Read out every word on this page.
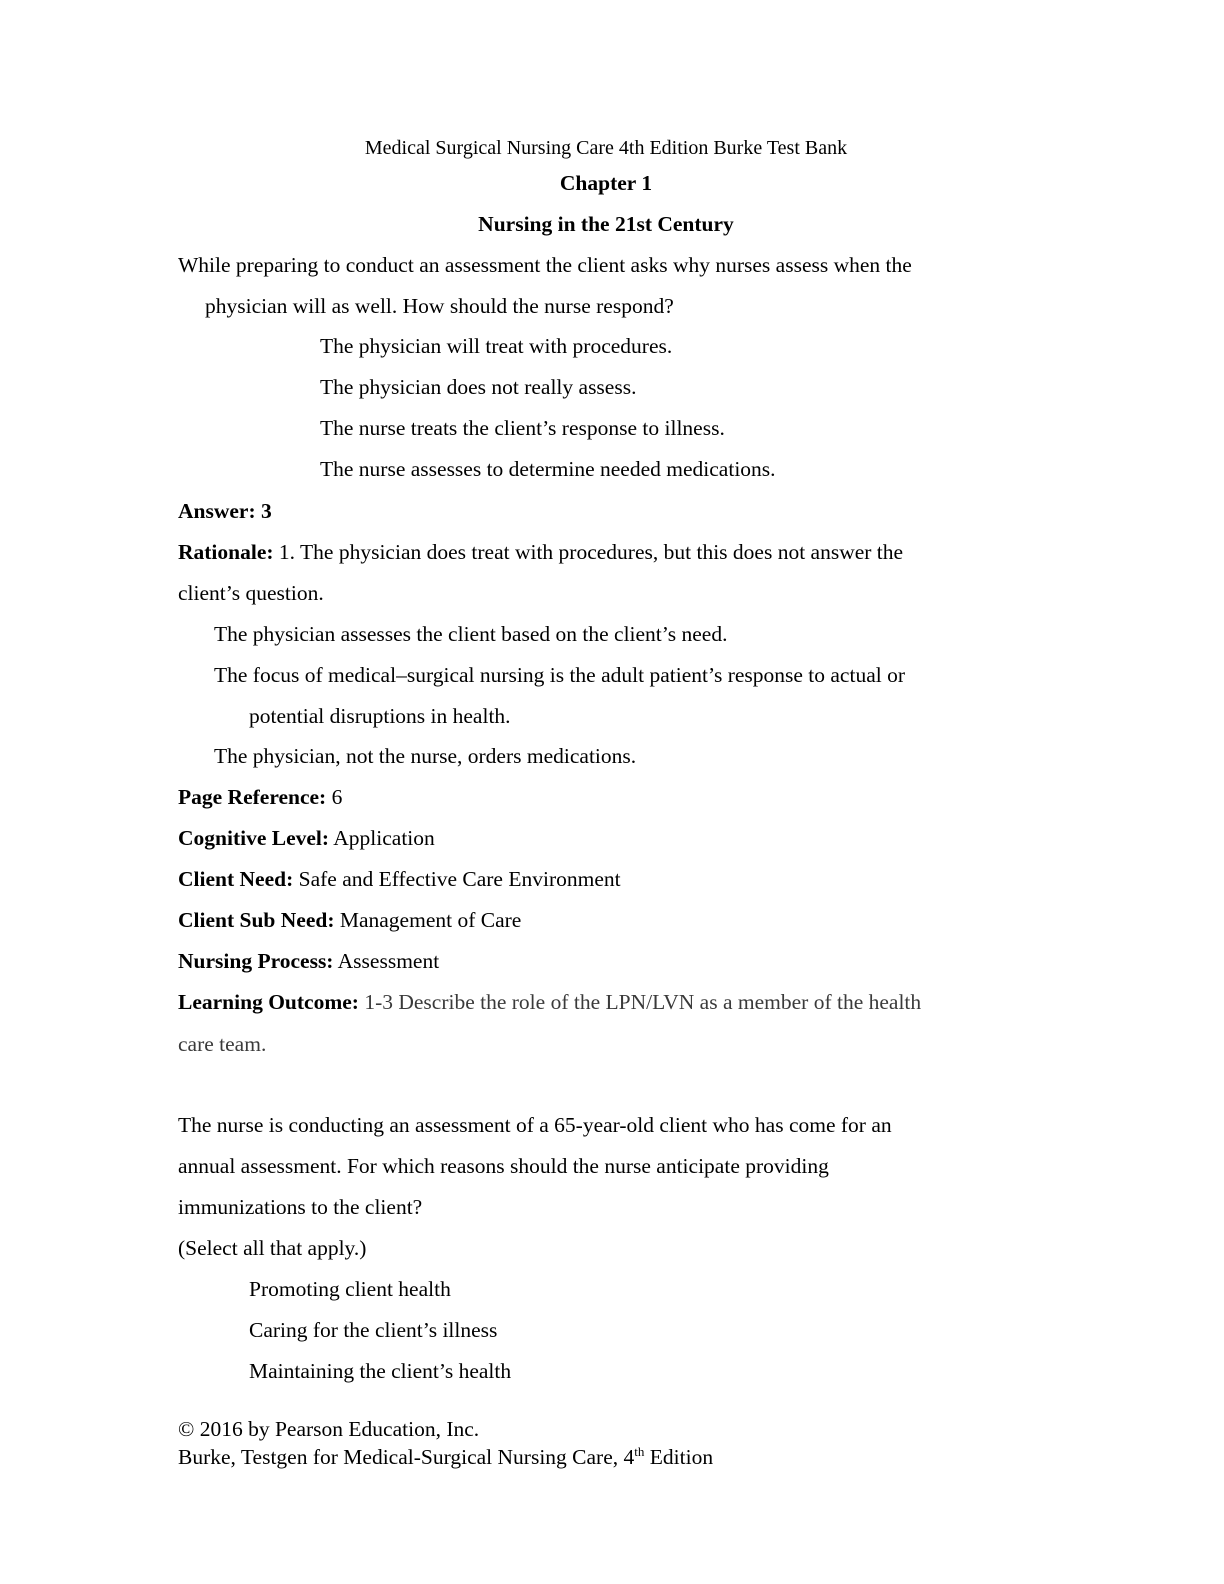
Medical Surgical Nursing Care 4th Edition Burke Test Bank
Chapter 1
Nursing in the 21st Century
While preparing to conduct an assessment the client asks why nurses assess when the
physician will as well. How should the nurse respond?
The physician will treat with procedures.
The physician does not really assess.
The nurse treats the client’s response to illness.
The nurse assesses to determine needed medications.
Answer: 3
Rationale: 1. The physician does treat with procedures, but this does not answer the
client’s question.
The physician assesses the client based on the client’s need.
The focus of medical–surgical nursing is the adult patient’s response to actual or
potential disruptions in health.
The physician, not the nurse, orders medications.
Page Reference: 6
Cognitive Level: Application
Client Need: Safe and Effective Care Environment
Client Sub Need: Management of Care
Nursing Process: Assessment
Learning Outcome: 1-3 Describe the role of the LPN/LVN as a member of the health
care team.
The nurse is conducting an assessment of a 65-year-old client who has come for an
annual assessment. For which reasons should the nurse anticipate providing
immunizations to the client?
(Select all that apply.)
Promoting client health
Caring for the client’s illness
Maintaining the client’s health
© 2016 by Pearson Education, Inc.
Burke, Testgen for Medical-Surgical Nursing Care, 4th Edition
